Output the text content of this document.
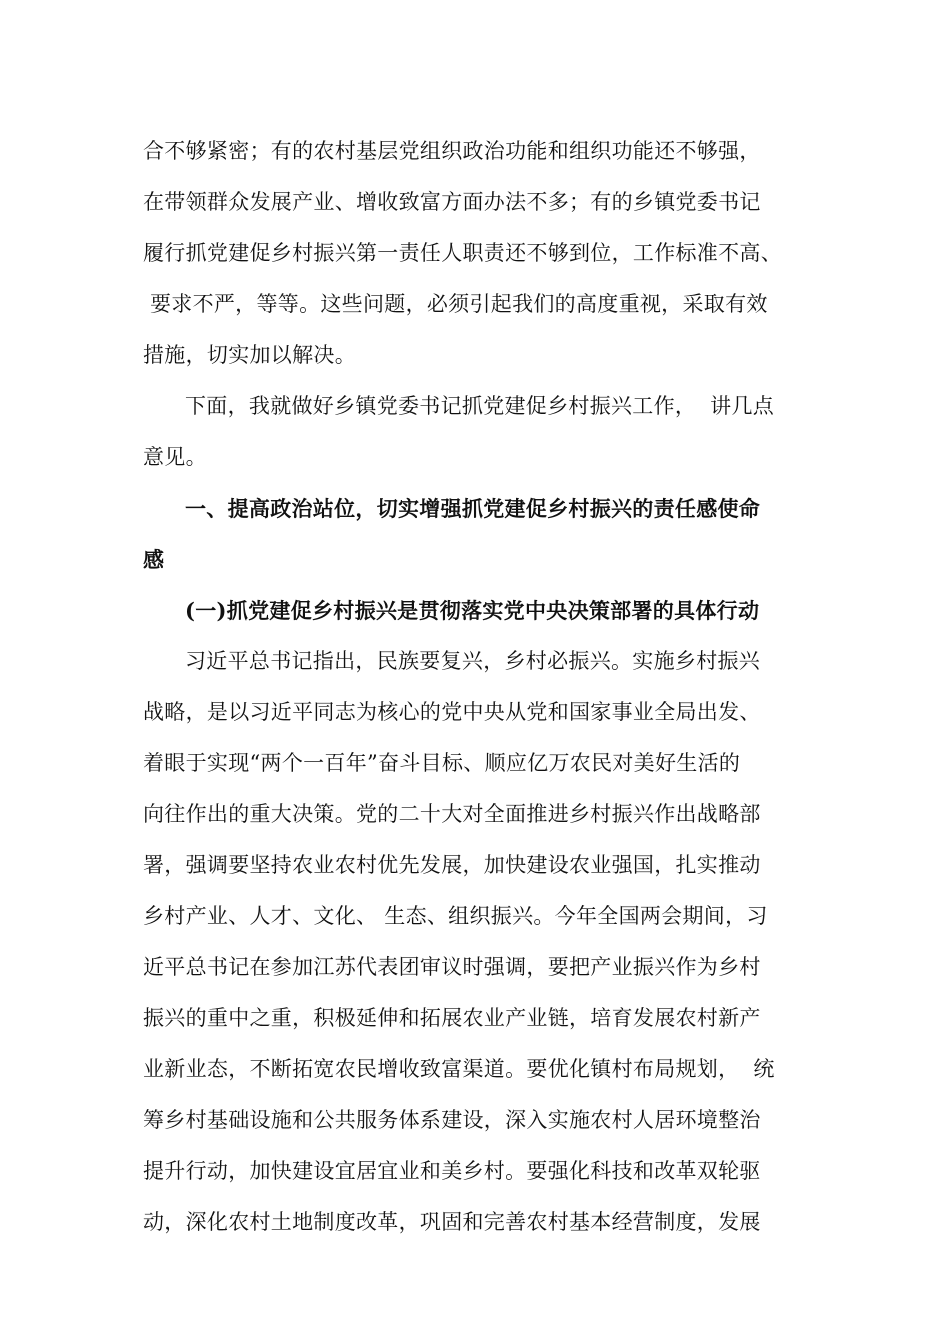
合不够紧密；有的农村基层党组织政治功能和组织功能还不够强，
在带领群众发展产业、增收致富方面办法不多；有的乡镇党委书记
履行抓党建促乡村振兴第一责任人职责还不够到位，工作标准不高、
要求不严，等等。这些问题，必须引起我们的高度重视，采取有效
措施，切实加以解决。
下面，我就做好乡镇党委书记抓党建促乡村振兴工作，  讲几点
意见。
一、提高政治站位，切实增强抓党建促乡村振兴的责任感使命
感
(一)抓党建促乡村振兴是贯彻落实党中央决策部署的具体行动
习近平总书记指出，民族要复兴，乡村必振兴。实施乡村振兴
战略，是以习近平同志为核心的党中央从党和国家事业全局出发、
着眼于实现“两个一百年”奋斗目标、顺应亿万农民对美好生活的
向往作出的重大决策。党的二十大对全面推进乡村振兴作出战略部
署，强调要坚持农业农村优先发展，加快建设农业强国，扎实推动
乡村产业、人才、文化、 生态、组织振兴。今年全国两会期间，习
近平总书记在参加江苏代表团审议时强调，要把产业振兴作为乡村
振兴的重中之重，积极延伸和拓展农业产业链，培育发展农村新产
业新业态，不断拓宽农民增收致富渠道。要优化镇村布局规划，  统
筹乡村基础设施和公共服务体系建设，深入实施农村人居环境整治
提升行动，加快建设宜居宜业和美乡村。要强化科技和改革双轮驱
动，深化农村土地制度改革，巩固和完善农村基本经营制度，发展
